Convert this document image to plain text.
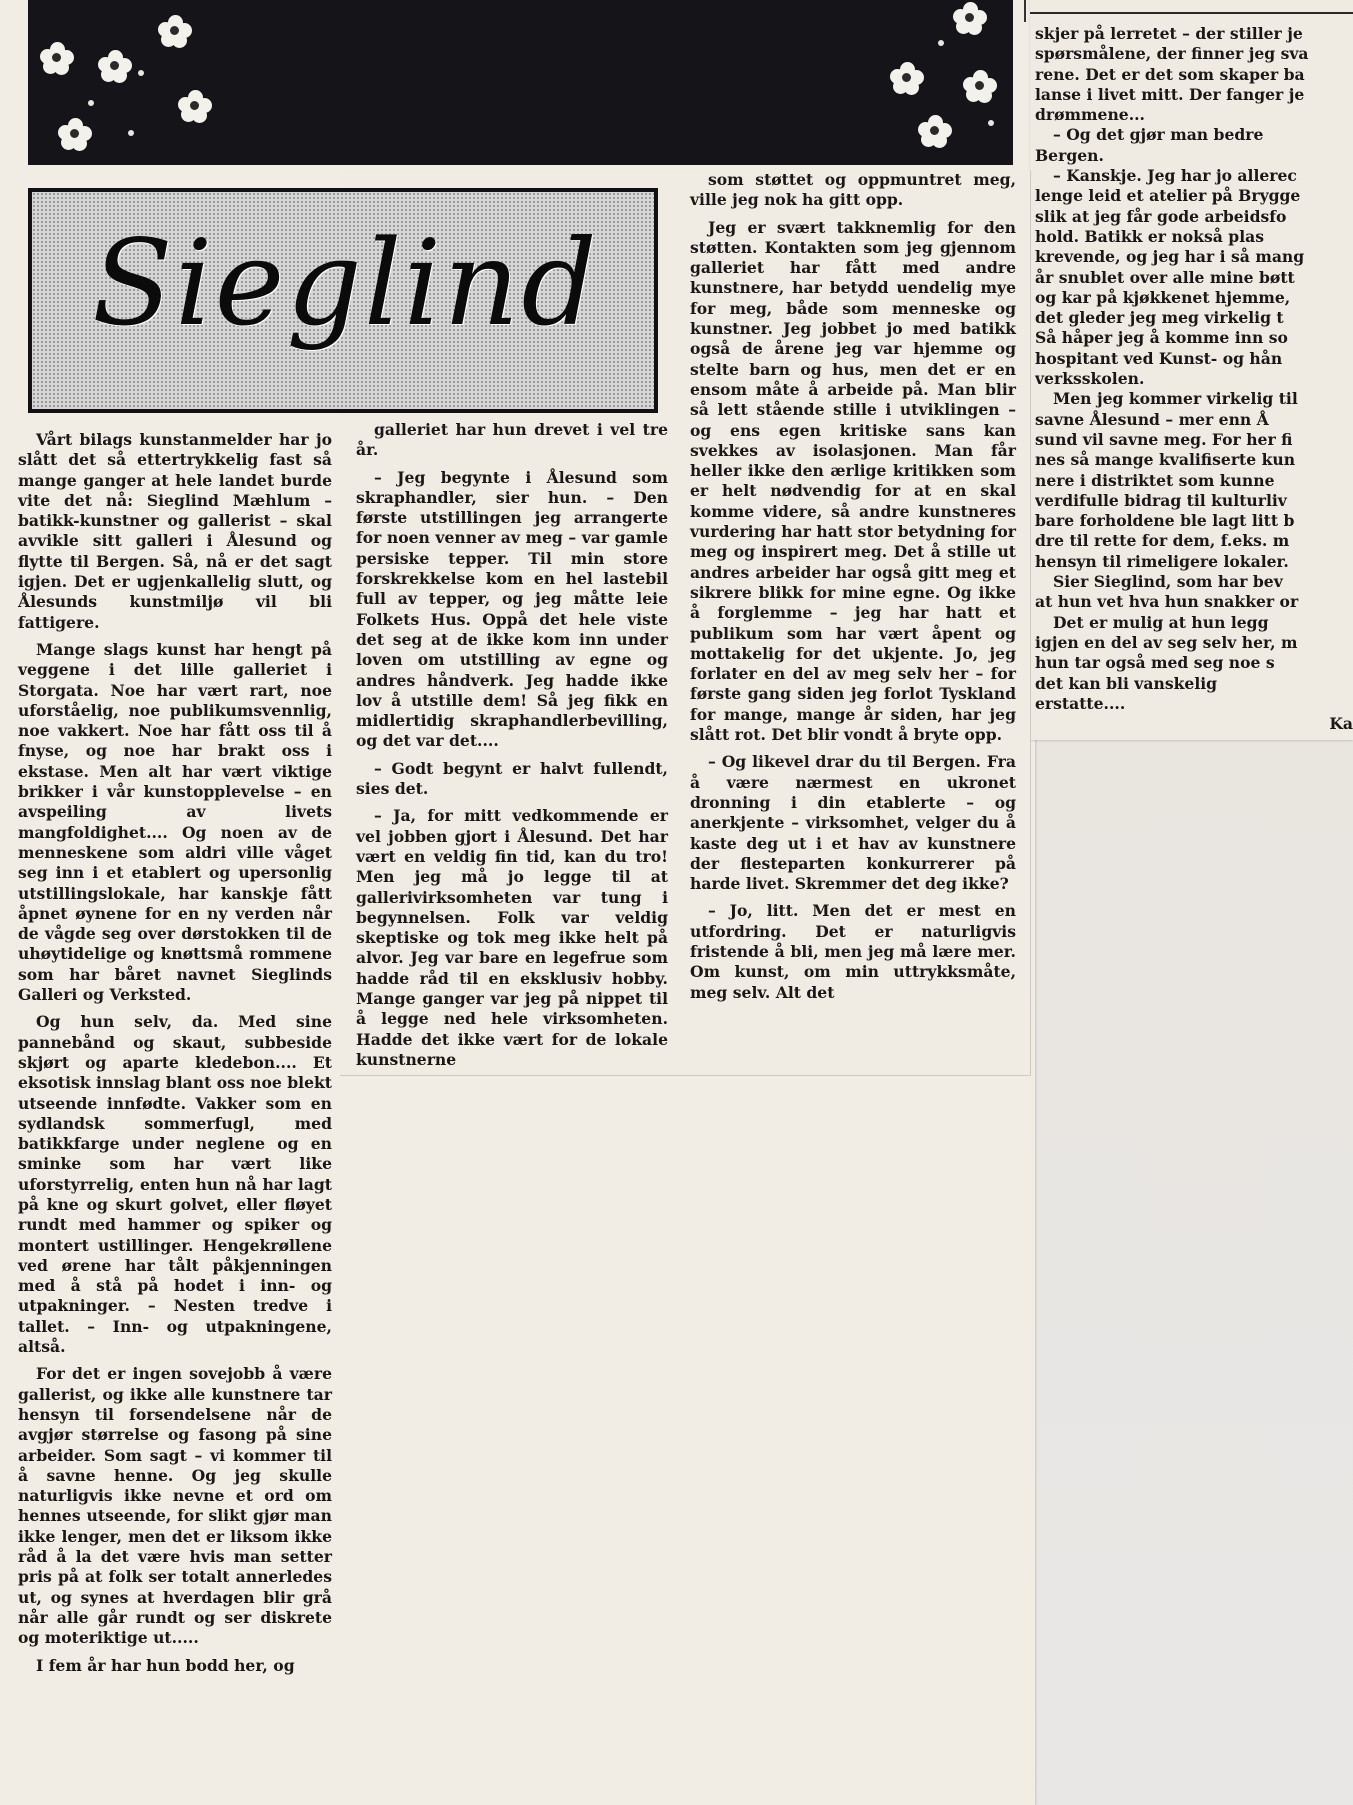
Sieglind

Vårt bilags kunstanmelder har jo slått det så ettertrykkelig fast så mange ganger at hele landet burde vite det nå: Sieglind Mæhlum – batikk-kunstner og gallerist – skal avvikle sitt galleri i Ålesund og flytte til Bergen. Så, nå er det sagt igjen. Det er ugjenkallelig slutt, og Ålesunds kunstmiljø vil bli fattigere.

Mange slags kunst har hengt på veggene i det lille galleriet i Storgata. Noe har vært rart, noe uforståelig, noe publikumsvennlig, noe vakkert. Noe har fått oss til å fnyse, og noe har brakt oss i ekstase. Men alt har vært viktige brikker i vår kunstopplevelse – en avspeiling av livets mangfoldighet.... Og noen av de menneskene som aldri ville våget seg inn i et etablert og upersonlig utstillingslokale, har kanskje fått åpnet øynene for en ny verden når de vågde seg over dørstokken til de uhøytidelige og knøttsmå rommene som har båret navnet Sieglinds Galleri og Verksted.

Og hun selv, da. Med sine pannebånd og skaut, subbeside skjørt og aparte kledebon.... Et eksotisk innslag blant oss noe blekt utseende innfødte. Vakker som en sydlandsk sommerfugl, med batikkfarge under neglene og en sminke som har vært like uforstyrrelig, enten hun nå har lagt på kne og skurt golvet, eller fløyet rundt med hammer og spiker og montert ustillinger. Hengekrøllene ved ørene har tålt påkjenningen med å stå på hodet i inn- og utpakninger. – Nesten tredve i tallet. – Inn- og utpakningene, altså.

For det er ingen sovejobb å være gallerist, og ikke alle kunstnere tar hensyn til forsendelsene når de avgjør størrelse og fasong på sine arbeider. Som sagt – vi kommer til å savne henne. Og jeg skulle naturligvis ikke nevne et ord om hennes utseende, for slikt gjør man ikke lenger, men det er liksom ikke råd å la det være hvis man setter pris på at folk ser totalt annerledes ut, og synes at hverdagen blir grå når alle går rundt og ser diskrete og moteriktige ut.....

I fem år har hun bodd her, og

galleriet har hun drevet i vel tre år.

– Jeg begynte i Ålesund som skraphandler, sier hun. – Den første utstillingen jeg arrangerte for noen venner av meg – var gamle persiske tepper. Til min store forskrekkelse kom en hel lastebil full av tepper, og jeg måtte leie Folkets Hus. Oppå det hele viste det seg at de ikke kom inn under loven om utstilling av egne og andres håndverk. Jeg hadde ikke lov å utstille dem! Så jeg fikk en midlertidig skraphandlerbevilling, og det var det....

– Godt begynt er halvt fullendt, sies det.

– Ja, for mitt vedkommende er vel jobben gjort i Ålesund. Det har vært en veldig fin tid, kan du tro! Men jeg må jo legge til at gallerivirksomheten var tung i begynnelsen. Folk var veldig skeptiske og tok meg ikke helt på alvor. Jeg var bare en legefrue som hadde råd til en eksklusiv hobby. Mange ganger var jeg på nippet til å legge ned hele virksomheten. Hadde det ikke vært for de lokale kunstnerne

som støttet og oppmuntret meg, ville jeg nok ha gitt opp.

Jeg er svært takknemlig for den støtten. Kontakten som jeg gjennom galleriet har fått med andre kunstnere, har betydd uendelig mye for meg, både som menneske og kunstner. Jeg jobbet jo med batikk også de årene jeg var hjemme og stelte barn og hus, men det er en ensom måte å arbeide på. Man blir så lett stående stille i utviklingen – og ens egen kritiske sans kan svekkes av isolasjonen. Man får heller ikke den ærlige kritikken som er helt nødvendig for at en skal komme videre, så andre kunstneres vurdering har hatt stor betydning for meg og inspirert meg. Det å stille ut andres arbeider har også gitt meg et sikrere blikk for mine egne. Og ikke å forglemme – jeg har hatt et publikum som har vært åpent og mottakelig for det ukjente. Jo, jeg forlater en del av meg selv her – for første gang siden jeg forlot Tyskland for mange, mange år siden, har jeg slått rot. Det blir vondt å bryte opp.

– Og likevel drar du til Bergen. Fra å være nærmest en ukronet dronning i din etablerte – og anerkjente – virksomhet, velger du å kaste deg ut i et hav av kunstnere der flesteparten konkurrerer på harde livet. Skremmer det deg ikke?

– Jo, litt. Men det er mest en utfordring. Det er naturligvis fristende å bli, men jeg må lære mer. Om kunst, om min uttrykksmåte, meg selv. Alt det

skjer på lerretet – der stiller je

spørsmålene, der finner jeg sva

rene. Det er det som skaper ba

lanse i livet mitt. Der fanger je

drømmene...

– Og det gjør man bedre

Bergen.

– Kanskje. Jeg har jo allerec

lenge leid et atelier på Brygge

slik at jeg får gode arbeidsfo

hold. Batikk er nokså plas

krevende, og jeg har i så mang

år snublet over alle mine bøtt

og kar på kjøkkenet hjemme,

det gleder jeg meg virkelig t

Så håper jeg å komme inn so

hospitant ved Kunst- og hån

verksskolen.

Men jeg kommer virkelig til

savne Ålesund – mer enn Å

sund vil savne meg. For her fi

nes så mange kvalifiserte kun

nere i distriktet som kunne

verdifulle bidrag til kulturliv

bare forholdene ble lagt litt b

dre til rette for dem, f.eks. m

hensyn til rimeligere lokaler.

Sier Sieglind, som har bev

at hun vet hva hun snakker or

Det er mulig at hun legg

igjen en del av seg selv her, m

hun tar også med seg noe s

det kan bli vanskelig

erstatte....

Ka
